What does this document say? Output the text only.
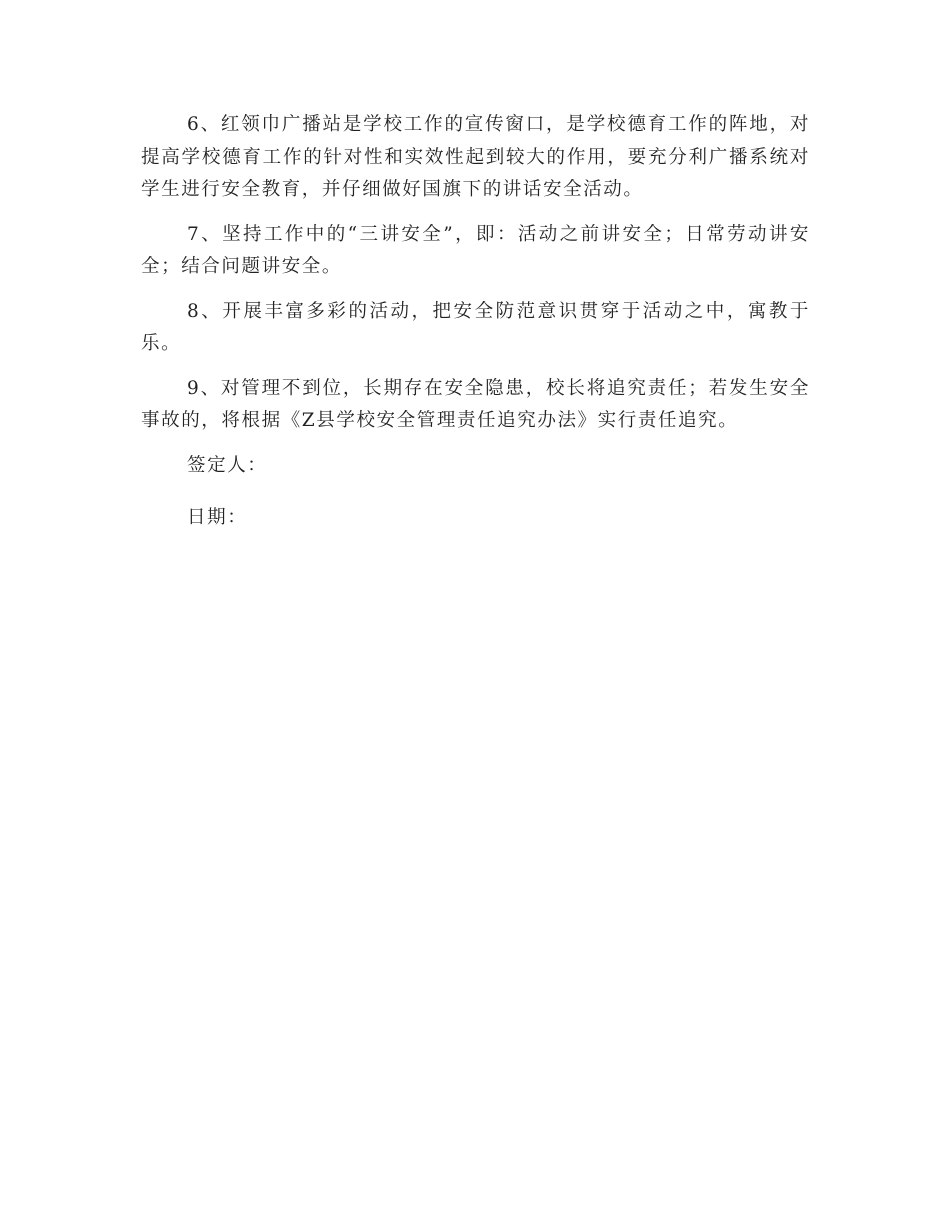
6、红领巾广播站是学校工作的宣传窗口，是学校德育工作的阵地，对提高学校德育工作的针对性和实效性起到较大的作用，要充分利广播系统对学生进行安全教育，并仔细做好国旗下的讲话安全活动。

7、坚持工作中的“三讲安全”，即：活动之前讲安全；日常劳动讲安全；结合问题讲安全。

8、开展丰富多彩的活动，把安全防范意识贯穿于活动之中，寓教于乐。

9、对管理不到位，长期存在安全隐患，校长将追究责任；若发生安全事故的，将根据《Z县学校安全管理责任追究办法》实行责任追究。

签定人：

日期：
